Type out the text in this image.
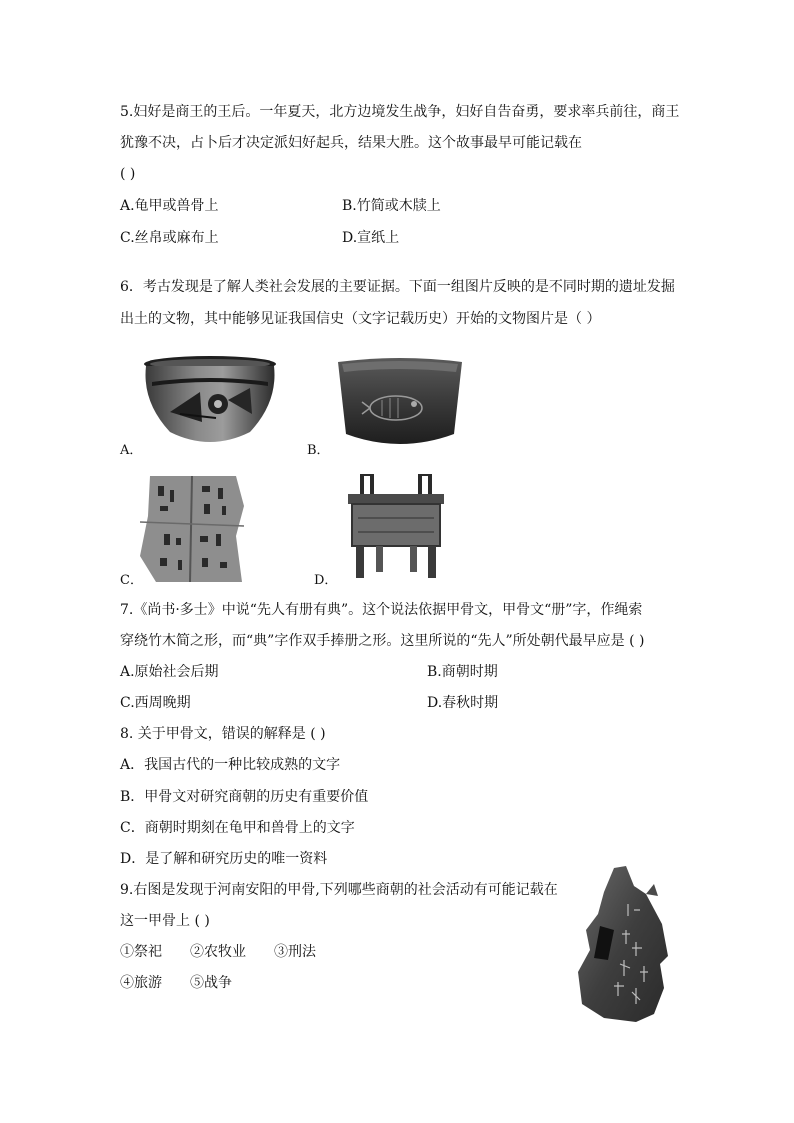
5.妇好是商王的王后。一年夏天，北方边境发生战争，妇好自告奋勇，要求率兵前往，商王
犹豫不决，占卜后才决定派妇好起兵，结果大胜。这个故事最早可能记载在
( )
A.龟甲或兽骨上	B.竹简或木牍上
C.丝帛或麻布上	D.宣纸上
6．考古发现是了解人类社会发展的主要证据。下面一组图片反映的是不同时期的遗址发掘
出土的文物，其中能够见证我国信史（文字记载历史）开始的文物图片是（ ）
A．	B．
C．	D．
7.《尚书·多士》中说“先人有册有典”。这个说法依据甲骨文，甲骨文“册”字，作绳索
穿绕竹木简之形，而“典”字作双手捧册之形。这里所说的“先人”所处朝代最早应是 ( )
A.原始社会后期	B.商朝时期
C.西周晚期	D.春秋时期
8. 关于甲骨文，错误的解释是 ( )
A．我国古代的一种比较成熟的文字
B．甲骨文对研究商朝的历史有重要价值
C．商朝时期刻在龟甲和兽骨上的文字
D．是了解和研究历史的唯一资料
9.右图是发现于河南安阳的甲骨,下列哪些商朝的社会活动有可能记载在
这一甲骨上 ( )
①祭祀 ②农牧业 ③刑法
④旅游 ⑤战争
